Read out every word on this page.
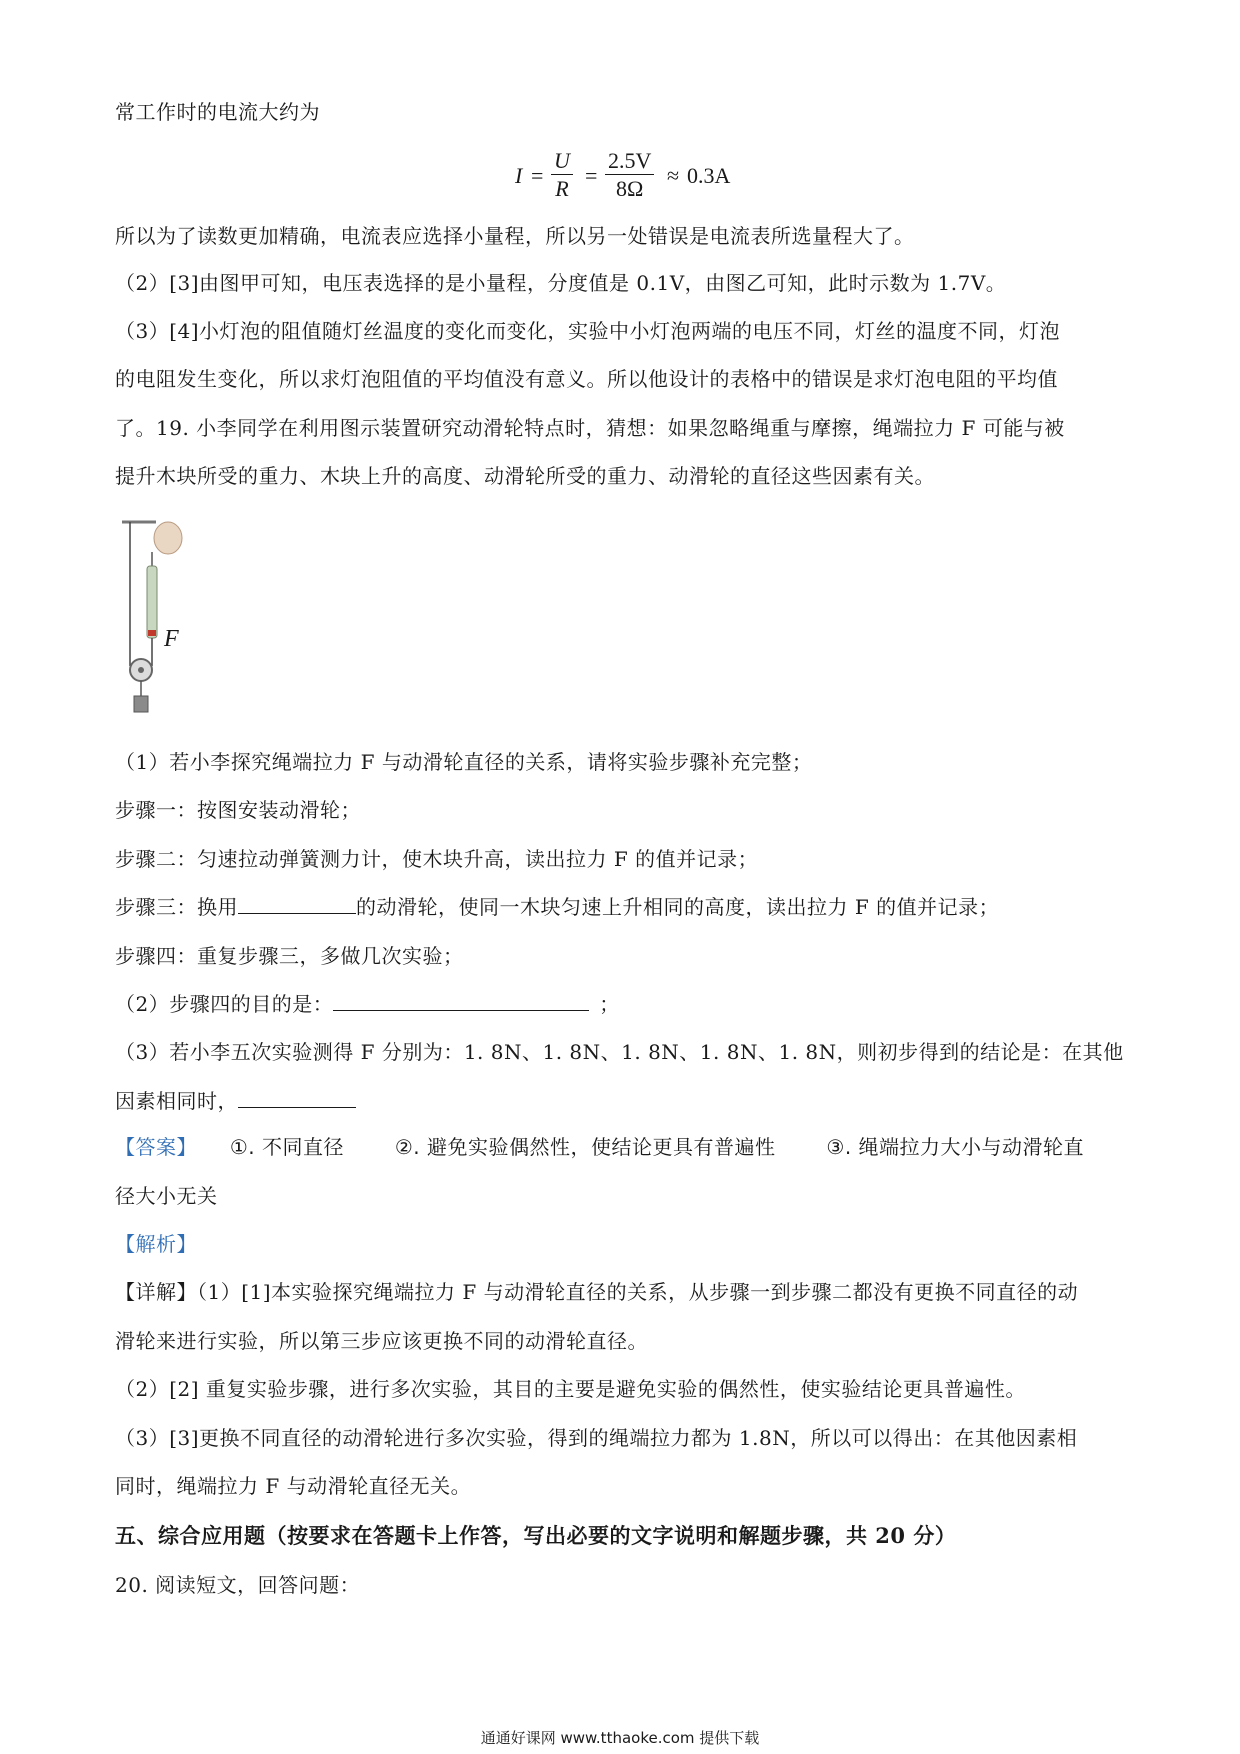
常工作时的电流大约为
$I = \frac{U}{R} = \frac{2.5V}{8\Omega} \approx 0.3A$
所以为了读数更加精确，电流表应选择小量程，所以另一处错误是电流表所选量程大了。
（2）[3]由图甲可知，电压表选择的是小量程，分度值是 0.1V，由图乙可知，此时示数为 1.7V。
（3）[4]小灯泡的阻值随灯丝温度的变化而变化，实验中小灯泡两端的电压不同，灯丝的温度不同，灯泡
的电阻发生变化，所以求灯泡阻值的平均值没有意义。所以他设计的表格中的错误是求灯泡电阻的平均值
了。19. 小李同学在利用图示装置研究动滑轮特点时，猜想：如果忽略绳重与摩擦，绳端拉力 F 可能与被
提升木块所受的重力、木块上升的高度、动滑轮所受的重力、动滑轮的直径这些因素有关。
F
（1）若小李探究绳端拉力 F 与动滑轮直径的关系，请将实验步骤补充完整；
步骤一：按图安装动滑轮；
步骤二：匀速拉动弹簧测力计，使木块升高，读出拉力 F 的值并记录；
步骤三：换用	的动滑轮，使同一木块匀速上升相同的高度，读出拉力 F 的值并记录；
步骤四：重复步骤三，多做几次实验；
（2）步骤四的目的是：	；
（3）若小李五次实验测得 F 分别为：1. 8N、1. 8N、1. 8N、1. 8N、1. 8N，则初步得到的结论是：在其他
因素相同时，
【答案】 ①. 不同直径	②. 避免实验偶然性，使结论更具有普遍性	③. 绳端拉力大小与动滑轮直
径大小无关
【解析】
【详解】（1）[1]本实验探究绳端拉力 F 与动滑轮直径的关系，从步骤一到步骤二都没有更换不同直径的动
滑轮来进行实验，所以第三步应该更换不同的动滑轮直径。
（2）[2] 重复实验步骤，进行多次实验，其目的主要是避免实验的偶然性，使实验结论更具普遍性。
（3）[3]更换不同直径的动滑轮进行多次实验，得到的绳端拉力都为 1.8N，所以可以得出：在其他因素相
同时，绳端拉力 F 与动滑轮直径无关。
五、综合应用题（按要求在答题卡上作答，写出必要的文字说明和解题步骤，共 20 分）
20. 阅读短文，回答问题：
通通好课网 www.tthaoke.com 提供下载
